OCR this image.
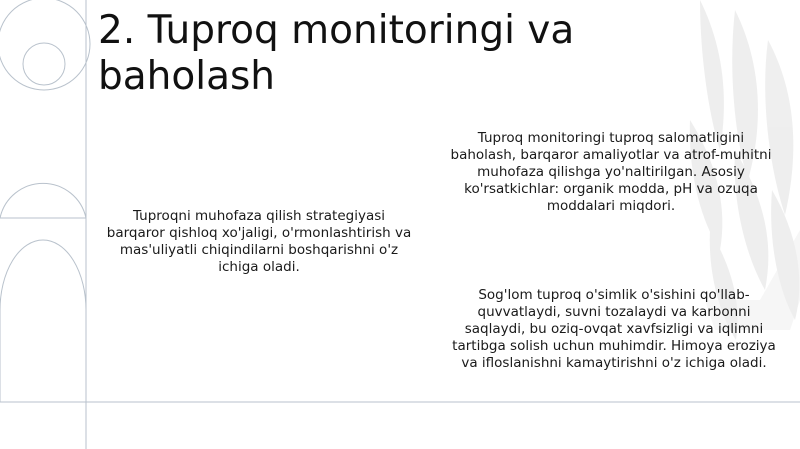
2. Tuproq monitoringi va baholash

Tuproqni muhofaza qilish strategiyasi barqaror qishloq xo'jaligi, o'rmonlashtirish va mas'uliyatli chiqindilarni boshqarishni o'z ichiga oladi.

Tuproq monitoringi tuproq salomatligini baholash, barqaror amaliyotlar va atrof-muhitni muhofaza qilishga yo'naltirilgan. Asosiy ko'rsatkichlar: organik modda, pH va ozuqa moddalari miqdori.

Sog'lom tuproq o'simlik o'sishini qo'llab-quvvatlaydi, suvni tozalaydi va karbonni saqlaydi, bu oziq-ovqat xavfsizligi va iqlimni tartibga solish uchun muhimdir. Himoya eroziya va ifloslanishni kamaytirishni o'z ichiga oladi.
